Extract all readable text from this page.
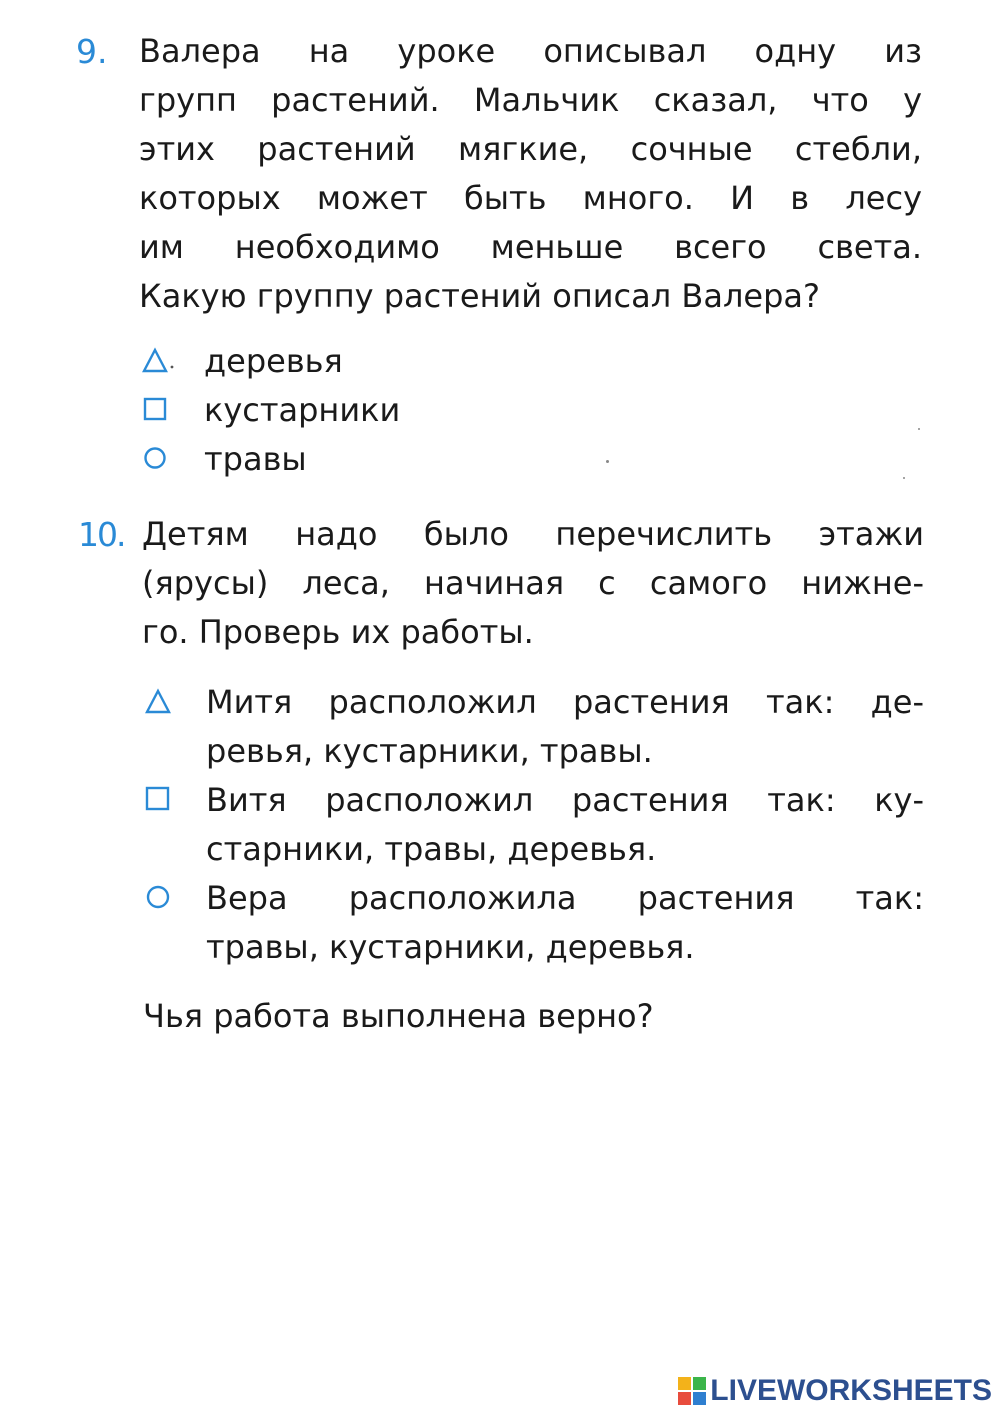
9. Валера на уроке описывал одну из
групп растений. Мальчик сказал, что у
этих растений мягкие, сочные стебли,
которых может быть много. И в лесу
им необходимо меньше всего света.
Какую группу растений описал Валера?
деревья
кустарники
травы
10. Детям надо было перечислить этажи
(ярусы) леса, начиная с самого нижне-
го. Проверь их работы.
Митя расположил растения так: де-
ревья, кустарники, травы.
Витя расположил растения так: ку-
старники, травы, деревья.
Вера расположила растения так:
травы, кустарники, деревья.
Чья работа выполнена верно?
LIVEWORKSHEETS
